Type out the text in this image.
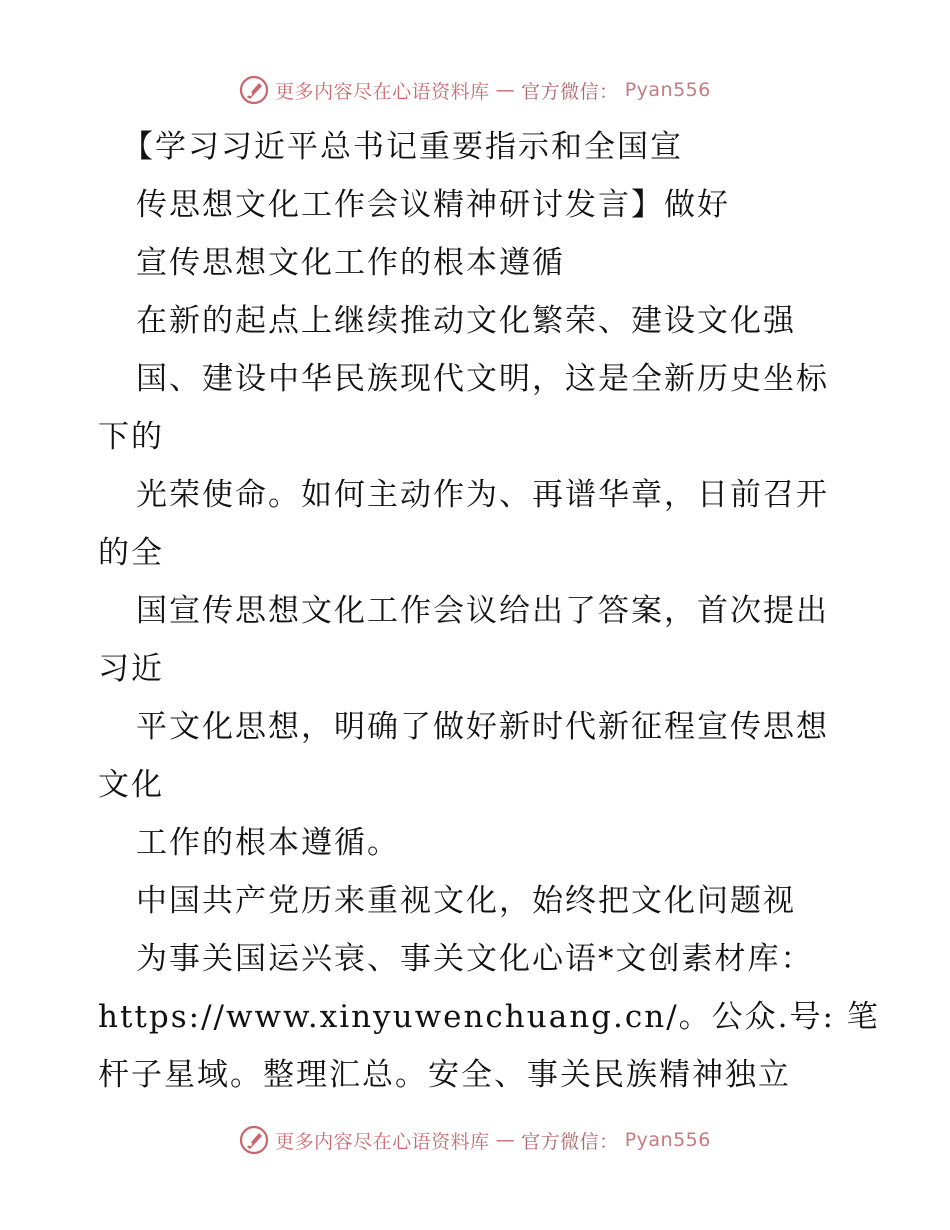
更多内容尽在心语资料库 — 官方微信： Pyan556
【学习习近平总书记重要指示和全国宣
传思想文化工作会议精神研讨发言】做好
宣传思想文化工作的根本遵循
在新的起点上继续推动文化繁荣、建设文化强
国、建设中华民族现代文明，这是全新历史坐标
下的
光荣使命。如何主动作为、再谱华章，日前召开
的全
国宣传思想文化工作会议给出了答案，首次提出
习近
平文化思想，明确了做好新时代新征程宣传思想
文化
工作的根本遵循。
中国共产党历来重视文化，始终把文化问题视
为事关国运兴衰、事关文化心语*文创素材库：
https://www.xinyuwenchuang.cn/。公众.号: 笔
杆子星域。整理汇总。安全、事关民族精神独立
更多内容尽在心语资料库 — 官方微信： Pyan556
